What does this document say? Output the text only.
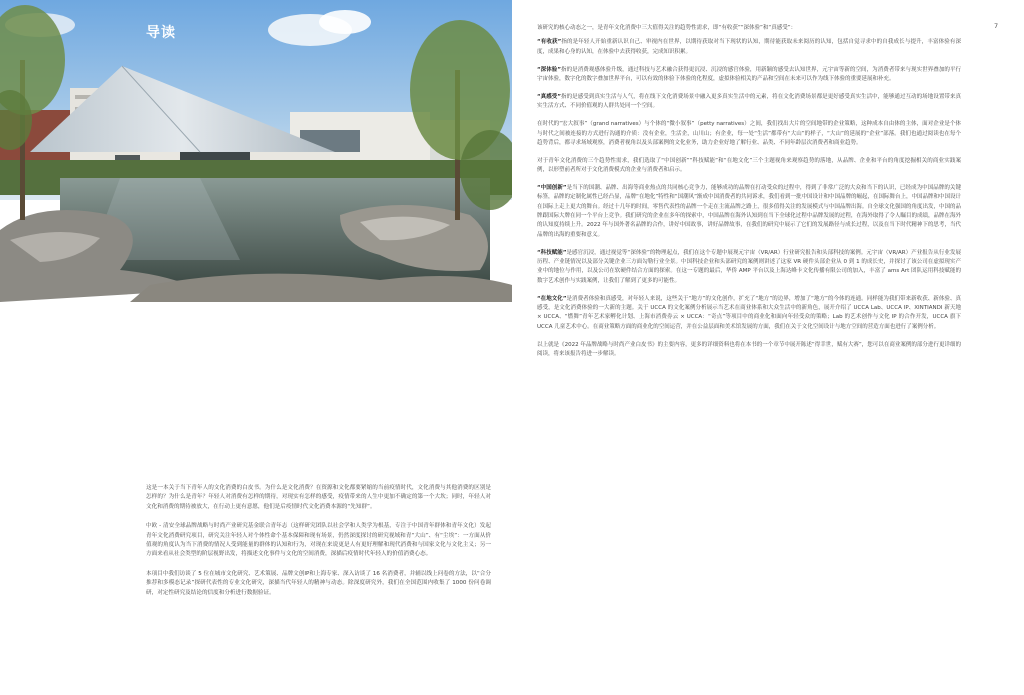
导读

这是一本关于当下青年人的文化消费的白皮书。为什么是文化消费？在资源和文化都要紧缩的当前疫情时代，文化消费与其他消费的区别是怎样的？为什么是青年？年轻人对消费有怎样的期待，对现实有怎样的感受，疫情带来的人生中更加不确定的第一个大坎；同时，年轻人对文化和消费的期待被放大，在行动上更有意愿，他们是后疫情时代文化消费本源的“先知群”。

中欧 - 清安全球品牌战略与时尚产业研究基金联合青年志（这样研究团队以社会学和人类学为根基，专注于中国青年群体和青年文化）发起青年文化消费研究项目，研究关注年轻人对个体性命个基本保障和现有场景，仍然深度探讨的研究视域和青“大山”、有“尘埃”：一方面从价值观的角度认为当下消费的情况人受到能量的群体的认知和行为，对现在来说更是人有更好理解和现代消费和与国家文化与文化主义；另一方面来看从社会类型的阶层视野出发，将描述文化事件与文化的空间消费，深描后疫情时代年轻人的价值消费心态。

本项目中我们访谈了 5 位在城市文化研究、艺术策展、品牌文创IP和上海专家、深入访谈了 16 名消费者，并辅以线上问卷的方法，以“合分推荐和多模态记录”探研代表性的专业文化研究，深描当代年轻人的精神与动态。除深度研究外，我们在全国范围内收集了 1000 份问卷调研，对定性研究及结论的信度和分析进行数据验证。

7

该研究的核心动态之一，是青年文化消费中三大值得关注的趋势性需求，即“有收获”“深体验”和“真感受”：

“有收获”指的是年轻人开始重新认识自己、审视内在世界，以期待获取对当下现状的认知，期待能获取未来阅历的认知，包括自觉寻求中的自我成长与提升，丰富体验有深度，成果和心身的认知，在体验中去获得收获，完成知识积累。

“深体验”指的是消费观感体验升级，通过科技与艺术融合获得更沉浸、沉浸的感官体验，用新颖的感受去认知世界，元宇宙等新的空间，为消费者带来与现实世界叠加的平行宇宙体验，数字化的数字叠加世界平台，可以有效的体验下体验的化程度，虚拟体验相关的产品和空间在未来可以作为线下体验的重要延展和补充。

“真感受”指的是感受到真实生活与人气，将在线下文化消费场景中融入更多真实生活中的元素，将在文化消费场景都是更好感受真实生活中，能够通过互动的场地设置带来真实生活方式、不同价值观的人群共处同一个空间。

在时代的“宏大叙事”（grand narratives）与个体的“微小叙事”（petty narratives）之间，我们找出大片的空间地带的企业策略，这种成本自由体的主体，面对企业是个体与时代之间被连接的方式进行沟通的介质：没有企业，生活企，山川山；有企业，每一处“生活”都带有“大山”的样子，“大山”的延展的“企业”部落。我们也通过阅读也在每个趋势背后，都寻求场域观察，消费者视角以及头部案例的文化业务，助力企业好地了解行业、品类、不同年龄层次消费者和商业趋势。

对于青年文化消费的三个趋势性需求，我们选取了“中国创新”“科技赋能”和“在地文化”三个主题视角来观察趋势的落地，从品牌、企业和平台的角度挖掘相关的商业实践案例，以形塑前者所对于文化消费模式的企业与消费者和启示。

“中国创新”是当下的国潮、品牌、出海等商业热点的共同核心竞争力，能够成功的品牌在打动受众的过程中，得到了非常广泛的大众和当下的认识，已经成为中国品牌的关键标签，品牌的定制化属性已经凸显，品牌“在地化”特性和“国潮风”渐成中国消费者的共同诉求，我们看到一批中国设计和中国品牌的崛起，在国际舞台上，中国品牌和中国设计在国际上走上更大的舞台。经过十几年的时间，零售代表性的品牌一个走在主流品牌之路上，很多值得关注的发展模式与中国品牌出海。自全球文化强国的角度出发，中国的品牌跟国际大牌在同一个平台上竞争。我们研究的企业在多年的探索中，中国品牌在海外认知到在当下全球化过程中品牌发展的过程，在海外取得了令人瞩目的成绩，品牌在海外的认知度持续上升。2022 年与国外著名品牌的合作，讲好中国故事，讲好品牌故事，在我们的研究中展示了它们的发展路径与成长过程，以及在当下时代精神下的思考，当代品牌的出海的重要和意义。

“科技赋能”是感官沉浸，通过视觉等“深体验”的物理起点，我们在这个专题中展现元宇宙（VR/AR）行业研究报告和头部科技的案例。元宇宙（VR/AR）产业报告从行业发展历程、产业链情况以及部分关键企业三方面勾勒行业全景。中国科技企业和头部研究的案例则讲述了这家 VR 硬件头部企业从 0 到 1 的成长史，并探讨了该公司在虚拟现实产业中的地位与作用，以及公司在软硬件结合方面的探索。在这一专题的最后，华侨 AMP 平台以及上海达峰卡文化传播有限公司的加入，丰富了 ams Art 团队运用科技赋能的数字艺术创作与实践案例，让我们了解到了更多的可能性。

“在地文化”是消费者体验和真感受，对年轻人来说，这些关于“地方”的文化创作，扩充了“地方”的边界，增加了“地方”的今体的连通。同样能为我们带来新收获、新体验、真感受，是文化消费体验的一大新的主题。关于 UCCA 的文化案例分析展示当艺术在商业体系和大众生活中的新角色，展开介绍了 UCCA Lab、UCCA IP、XINTIANDI 新天地 × UCCA、“燃舞”青年艺术家孵化计划、上海市消费券云 × UCCA：“奇点”等项目中的商业化和面向年轻受众的策略；Lab 的艺术创作与文化 IP 的合作开发，UCCA 旗下 UCCA 儿童艺术中心。在商业策略方面的商业化的空间运营，并在公益层面和美术馆发展的方面，我们在关于文化空间设计与地方空间的营造方面也进行了案例分析。

以上就是《2022 年品牌战略与时尚产业白皮书》的主要内容，更多的详细资料也将在本书的一个章节中展开陈述“得幸世，赋有大赛”，您可以在商业案例的部分进行更详细的阅读，将来该报告将进一步解读。
